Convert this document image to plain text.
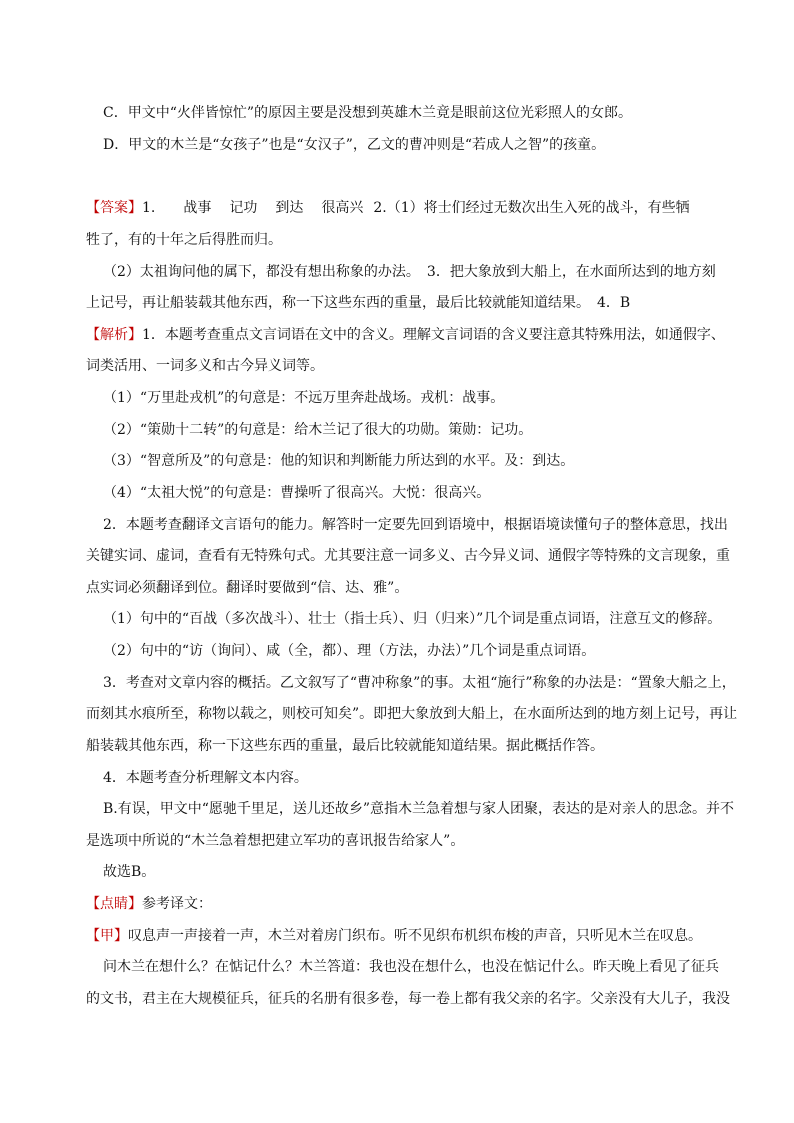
C．甲文中“火伴皆惊忙”的原因主要是没想到英雄木兰竟是眼前这位光彩照人的女郎。

D．甲文的木兰是“女孩子”也是“女汉子”，乙文的曹冲则是“若成人之智”的孩童。

【答案】1. 战事 记功 到达 很高兴 2.（1）将士们经过无数次出生入死的战斗，有些牺

牲了，有的十年之后得胜而归。

（2）太祖询问他的属下，都没有想出称象的办法。　3．把大象放到大船上，在水面所达到的地方刻

上记号，再让船装载其他东西，称一下这些东西的重量，最后比较就能知道结果。　4．B

【解析】1．本题考查重点文言词语在文中的含义。理解文言词语的含义要注意其特殊用法，如通假字、

词类活用、一词多义和古今异义词等。

（1）“万里赴戎机”的句意是：不远万里奔赴战场。戎机：战事。

（2）“策勋十二转”的句意是：给木兰记了很大的功勋。策勋：记功。

（3）“智意所及”的句意是：他的知识和判断能力所达到的水平。及：到达。

（4）“太祖大悦”的句意是：曹操听了很高兴。大悦：很高兴。

2．本题考查翻译文言语句的能力。解答时一定要先回到语境中，根据语境读懂句子的整体意思，找出

关键实词、虚词，查看有无特殊句式。尤其要注意一词多义、古今异义词、通假字等特殊的文言现象，重

点实词必须翻译到位。翻译时要做到“信、达、雅”。

（1）句中的“百战（多次战斗）、壮士（指士兵）、归（归来）”几个词是重点词语，注意互文的修辞。

（2）句中的“访（询问）、咸（全，都）、理（方法，办法）”几个词是重点词语。

3．考查对文章内容的概括。乙文叙写了“曹冲称象”的事。太祖“施行”称象的办法是：“置象大船之上，

而刻其水痕所至，称物以载之，则校可知矣”。即把大象放到大船上，在水面所达到的地方刻上记号，再让

船装载其他东西，称一下这些东西的重量，最后比较就能知道结果。据此概括作答。

4．本题考查分析理解文本内容。

B.有误，甲文中“愿驰千里足，送儿还故乡”意指木兰急着想与家人团聚，表达的是对亲人的思念。并不

是选项中所说的“木兰急着想把建立军功的喜讯报告给家人”。

故选B。

【点睛】参考译文：

【甲】叹息声一声接着一声，木兰对着房门织布。听不见织布机织布梭的声音，只听见木兰在叹息。

问木兰在想什么？在惦记什么？木兰答道：我也没在想什么，也没在惦记什么。昨天晚上看见了征兵

的文书，君主在大规模征兵，征兵的名册有很多卷，每一卷上都有我父亲的名字。父亲没有大儿子，我没
